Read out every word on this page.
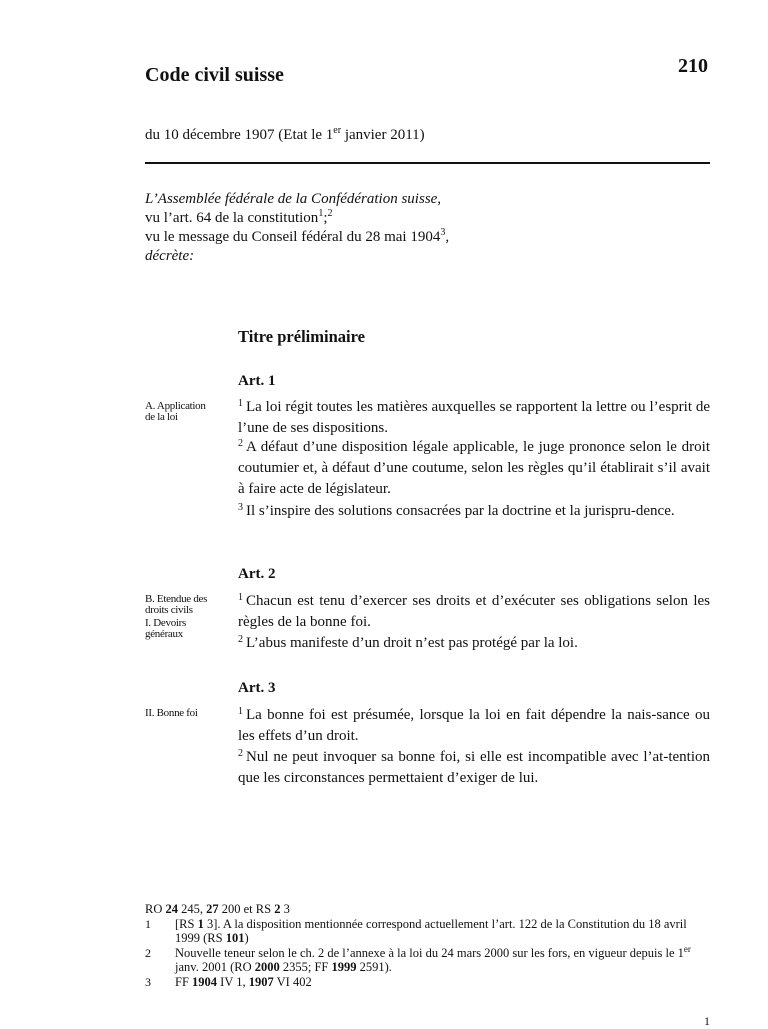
Code civil suisse	210
du 10 décembre 1907 (Etat le 1er janvier 2011)
L’Assemblée fédérale de la Confédération suisse,
vu l’art. 64 de la constitution$^1$;$^2$
vu le message du Conseil fédéral du 28 mai 1904$^3$,
décrète:
Titre préliminaire
Art. 1
A. Application
de la loi
$^1$ La loi régit toutes les matières auxquelles se rapportent la lettre ou l’esprit de l’une de ses dispositions.
$^2$ A défaut d’une disposition légale applicable, le juge prononce selon le droit coutumier et, à défaut d’une coutume, selon les règles qu’il établirait s’il avait à faire acte de législateur.
$^3$ Il s’inspire des solutions consacrées par la doctrine et la jurispru-dence.
Art. 2
B. Etendue des
droits civils
I. Devoirs
généraux
$^1$ Chacun est tenu d’exercer ses droits et d’exécuter ses obligations selon les règles de la bonne foi.
$^2$ L’abus manifeste d’un droit n’est pas protégé par la loi.
Art. 3
II. Bonne foi	$^1$ La bonne foi est présumée, lorsque la loi en fait dépendre la nais-sance ou les effets d’un droit.
$^2$ Nul ne peut invoquer sa bonne foi, si elle est incompatible avec l’at-tention que les circonstances permettaient d’exiger de lui.
RO 24 245, 27 200 et RS 2 3
1	[RS 1 3]. A la disposition mentionnée correspond actuellement l’art. 122 de la Constitution du 18 avril 1999 (RS 101)
2	Nouvelle teneur selon le ch. 2 de l’annexe à la loi du 24 mars 2000 sur les fors, en vigueur depuis le 1er janv. 2001 (RO 2000 2355; FF 1999 2591).
3	FF 1904 IV 1, 1907 VI 402
1
